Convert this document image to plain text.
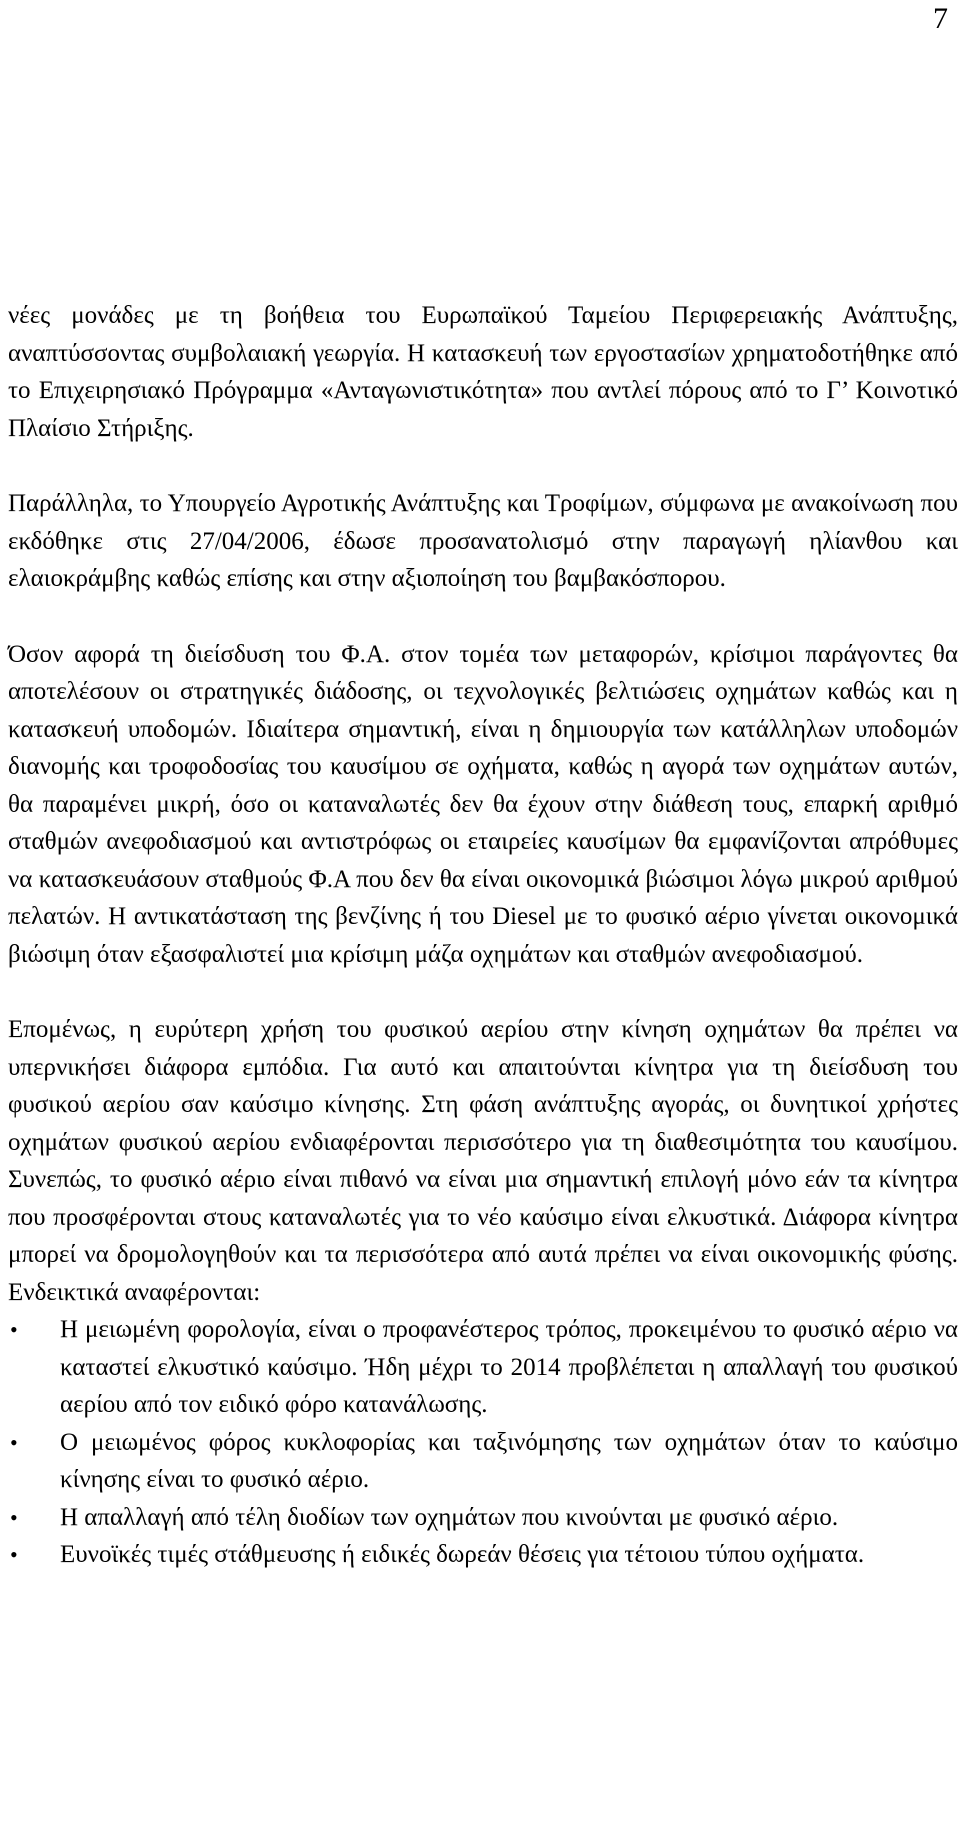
7

νέες μονάδες με τη βοήθεια του Ευρωπαϊκού Ταμείου Περιφερειακής Ανάπτυξης, αναπτύσσοντας συμβολαιακή γεωργία. Η κατασκευή των εργοστασίων χρηματοδοτήθηκε από το Επιχειρησιακό Πρόγραμμα «Ανταγωνιστικότητα» που αντλεί πόρους από το Γ’ Κοινοτικό Πλαίσιο Στήριξης.

Παράλληλα, το Υπουργείο Αγροτικής Ανάπτυξης και Τροφίμων, σύμφωνα με ανακοίνωση που εκδόθηκε στις 27/04/2006, έδωσε προσανατολισμό στην παραγωγή ηλίανθου και ελαιοκράμβης καθώς επίσης και στην αξιοποίηση του βαμβακόσπορου.

Όσον αφορά τη διείσδυση του Φ.Α. στον τομέα των μεταφορών, κρίσιμοι παράγοντες θα αποτελέσουν οι στρατηγικές διάδοσης, οι τεχνολογικές βελτιώσεις οχημάτων καθώς και η κατασκευή υποδομών. Ιδιαίτερα σημαντική, είναι η δημιουργία των κατάλληλων υποδομών διανομής και τροφοδοσίας του καυσίμου σε οχήματα, καθώς η αγορά των οχημάτων αυτών, θα παραμένει μικρή, όσο οι καταναλωτές δεν θα έχουν στην διάθεση τους, επαρκή αριθμό σταθμών ανεφοδιασμού και αντιστρόφως οι εταιρείες καυσίμων θα εμφανίζονται απρόθυμες να κατασκευάσουν σταθμούς Φ.Α που δεν θα είναι οικονομικά βιώσιμοι λόγω μικρού αριθμού πελατών. Η αντικατάσταση της βενζίνης ή του Diesel με το φυσικό αέριο γίνεται οικονομικά βιώσιμη όταν εξασφαλιστεί μια κρίσιμη μάζα οχημάτων και σταθμών ανεφοδιασμού.

Επομένως, η ευρύτερη χρήση του φυσικού αερίου στην κίνηση οχημάτων θα πρέπει να υπερνικήσει διάφορα εμπόδια. Για αυτό και απαιτούνται κίνητρα για τη διείσδυση του φυσικού αερίου σαν καύσιμο κίνησης. Στη φάση ανάπτυξης αγοράς, οι δυνητικοί χρήστες οχημάτων φυσικού αερίου ενδιαφέρονται περισσότερο για τη διαθεσιμότητα του καυσίμου. Συνεπώς, το φυσικό αέριο είναι πιθανό να είναι μια σημαντική επιλογή μόνο εάν τα κίνητρα που προσφέρονται στους καταναλωτές για το νέο καύσιμο είναι ελκυστικά. Διάφορα κίνητρα μπορεί να δρομολογηθούν και τα περισσότερα από αυτά πρέπει να είναι οικονομικής φύσης. Ενδεικτικά αναφέρονται:

• Η μειωμένη φορολογία, είναι ο προφανέστερος τρόπος, προκειμένου το φυσικό αέριο να καταστεί ελκυστικό καύσιμο. Ήδη μέχρι το 2014 προβλέπεται η απαλλαγή του φυσικού αερίου από τον ειδικό φόρο κατανάλωσης.
• Ο μειωμένος φόρος κυκλοφορίας και ταξινόμησης των οχημάτων όταν το καύσιμο κίνησης είναι το φυσικό αέριο.
• Η απαλλαγή από τέλη διοδίων των οχημάτων που κινούνται με φυσικό αέριο.
• Ευνοϊκές τιμές στάθμευσης ή ειδικές δωρεάν θέσεις για τέτοιου τύπου οχήματα.
